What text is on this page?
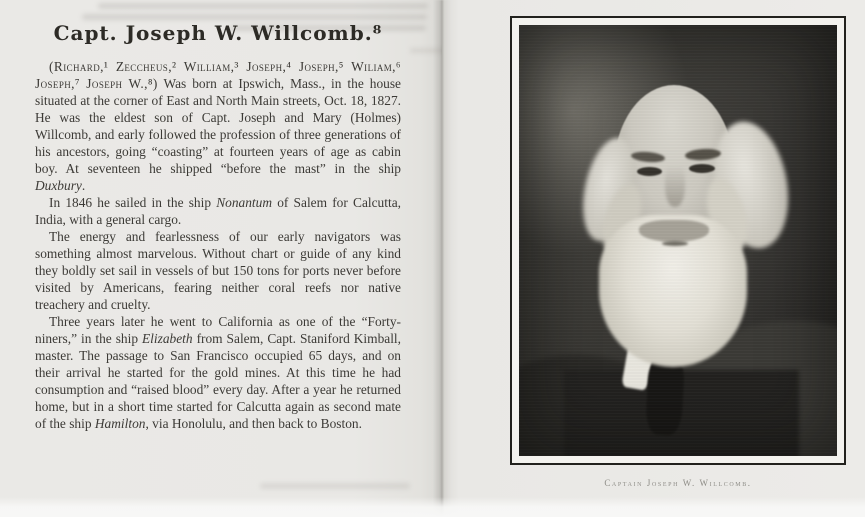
Capt. Joseph W. Willcomb.⁸

(Richard,¹ Zeccheus,² William,³ Joseph,⁴ Joseph,⁵ Wiliam,⁶ Joseph,⁷ Joseph W.,⁸) Was born at Ipswich, Mass., in the house situated at the corner of East and North Main streets, Oct. 18, 1827. He was the eldest son of Capt. Joseph and Mary (Holmes) Willcomb, and early followed the profession of three generations of his ancestors, going “coasting” at fourteen years of age as cabin boy. At seventeen he shipped “before the mast” in the ship Duxbury.

In 1846 he sailed in the ship Nonantum of Salem for Calcutta, India, with a general cargo.

The energy and fearlessness of our early navigators was something almost marvelous. Without chart or guide of any kind they boldly set sail in vessels of but 150 tons for ports never before visited by Americans, fearing neither coral reefs nor native treachery and cruelty.

Three years later he went to California as one of the “Forty-niners,” in the ship Elizabeth from Salem, Capt. Staniford Kimball, master. The passage to San Francisco occupied 65 days, and on their arrival he started for the gold mines. At this time he had consumption and “raised blood” every day. After a year he returned home, but in a short time started for Calcutta again as second mate of the ship Hamilton, via Honolulu, and then back to Boston.

Captain Joseph W. Willcomb.
